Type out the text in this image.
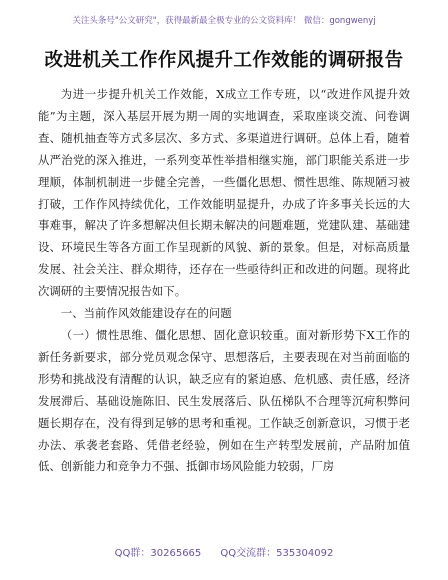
关注头条号"公文研究"，获得最新最全极专业的公文资料库！ 微信：gongwenyj
改进机关工作作风提升工作效能的调研报告

为进一步提升机关工作效能，X成立工作专班，以“改进作风提升效能”为主题，深入基层开展为期一周的实地调查，采取座谈交流、问卷调查、随机抽查等方式多层次、多方式、多渠道进行调研。总体上看，随着从严治党的深入推进，一系列变革性举措相继实施，部门职能关系进一步理顺，体制机制进一步健全完善，一些僵化思想、惯性思维、陈规陋习被打破，工作作风持续优化，工作效能明显提升，办成了许多事关长远的大事难事，解决了许多想解决但长期未解决的问题难题，党建队建、基础建设、环境民生等各方面工作呈现新的风貌、新的景象。但是，对标高质量发展、社会关注、群众期待，还存在一些亟待纠正和改进的问题。现将此次调研的主要情况报告如下。

一、当前作风效能建设存在的问题

（一）惯性思维、僵化思想、固化意识较重。面对新形势下X工作的新任务新要求，部分党员观念保守、思想落后，主要表现在对当前面临的形势和挑战没有清醒的认识，缺乏应有的紧迫感、危机感、责任感，经济发展滞后、基础设施陈旧、民生发展落后、队伍梯队不合理等沉疴积弊问题长期存在，没有得到足够的思考和重视。工作缺乏创新意识，习惯于老办法、承袭老套路、凭借老经验，例如在生产转型发展前，产品附加值低、创新能力和竞争力不强、抵御市场风险能力较弱，厂房

QQ群：30265665      QQ交流群：535304092
